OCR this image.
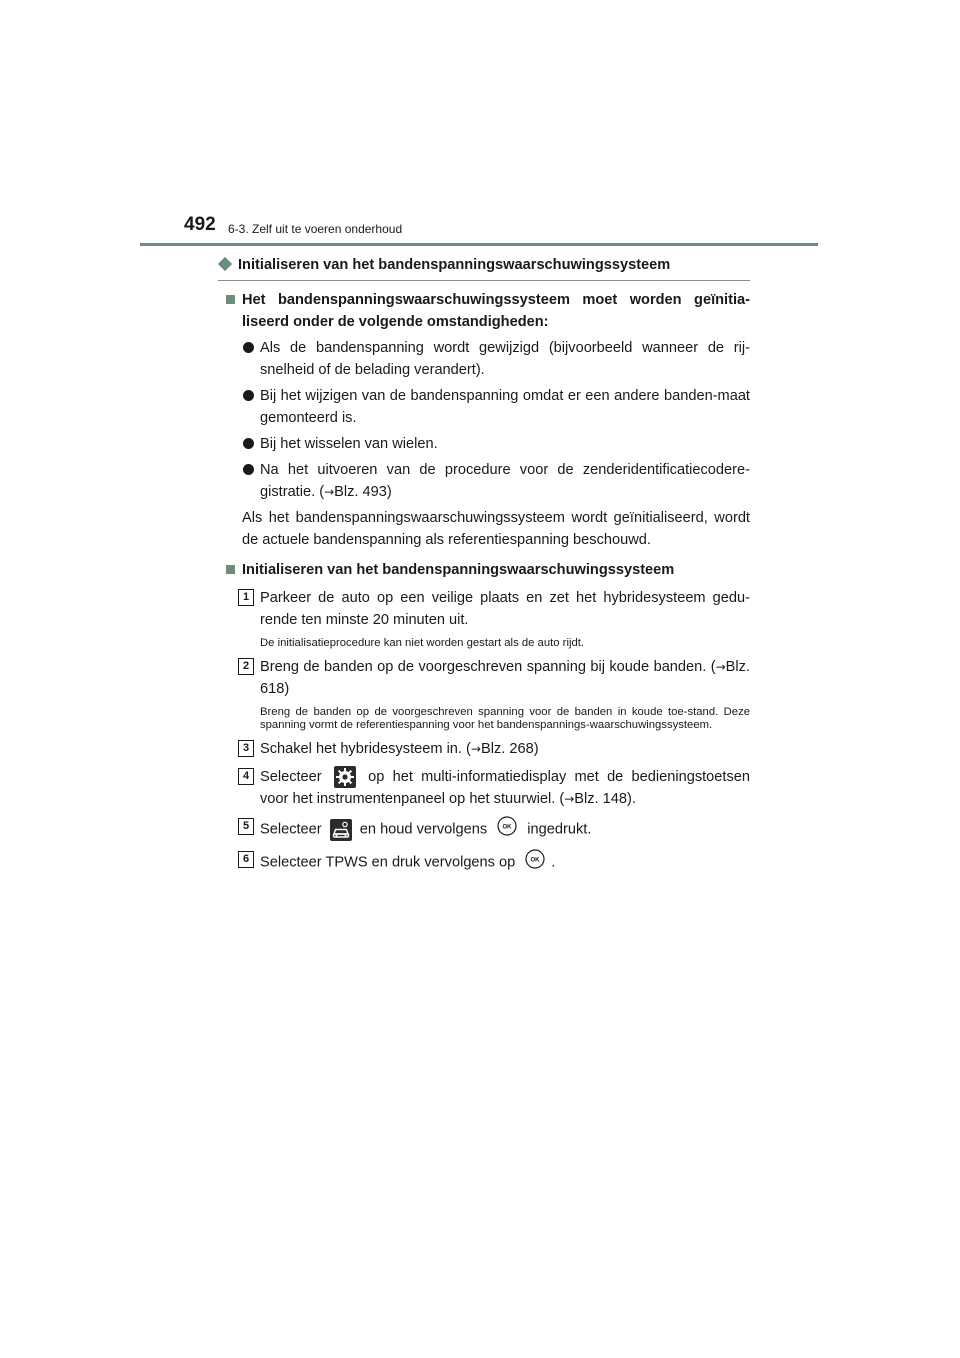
492 6-3. Zelf uit te voeren onderhoud
Initialiseren van het bandenspanningswaarschuwingssysteem
Het bandenspanningswaarschuwingssysteem moet worden geïnitia-liseerd onder de volgende omstandigheden:
Als de bandenspanning wordt gewijzigd (bijvoorbeeld wanneer de rij-snelheid of de belading verandert).
Bij het wijzigen van de bandenspanning omdat er een andere banden-maat gemonteerd is.
Bij het wisselen van wielen.
Na het uitvoeren van de procedure voor de zenderidentificatiecodere-gistratie. (→Blz. 493)
Als het bandenspanningswaarschuwingssysteem wordt geïnitialiseerd, wordt de actuele bandenspanning als referentiespanning beschouwd.
Initialiseren van het bandenspanningswaarschuwingssysteem
1 Parkeer de auto op een veilige plaats en zet het hybridesysteem gedu-rende ten minste 20 minuten uit.
De initialisatieprocedure kan niet worden gestart als de auto rijdt.
2 Breng de banden op de voorgeschreven spanning bij koude banden. (→Blz. 618)
Breng de banden op de voorgeschreven spanning voor de banden in koude toe-stand. Deze spanning vormt de referentiespanning voor het bandenspannings-waarschuwingssysteem.
3 Schakel het hybridesysteem in. (→Blz. 268)
4 Selecteer	op het multi-informatiedisplay met de bedieningstoetsen voor het instrumentenpaneel op het stuurwiel. (→Blz. 148).
5 Selecteer	en houd vervolgens	OK ingedrukt.
6 Selecteer TPWS en druk vervolgens op	OK .
